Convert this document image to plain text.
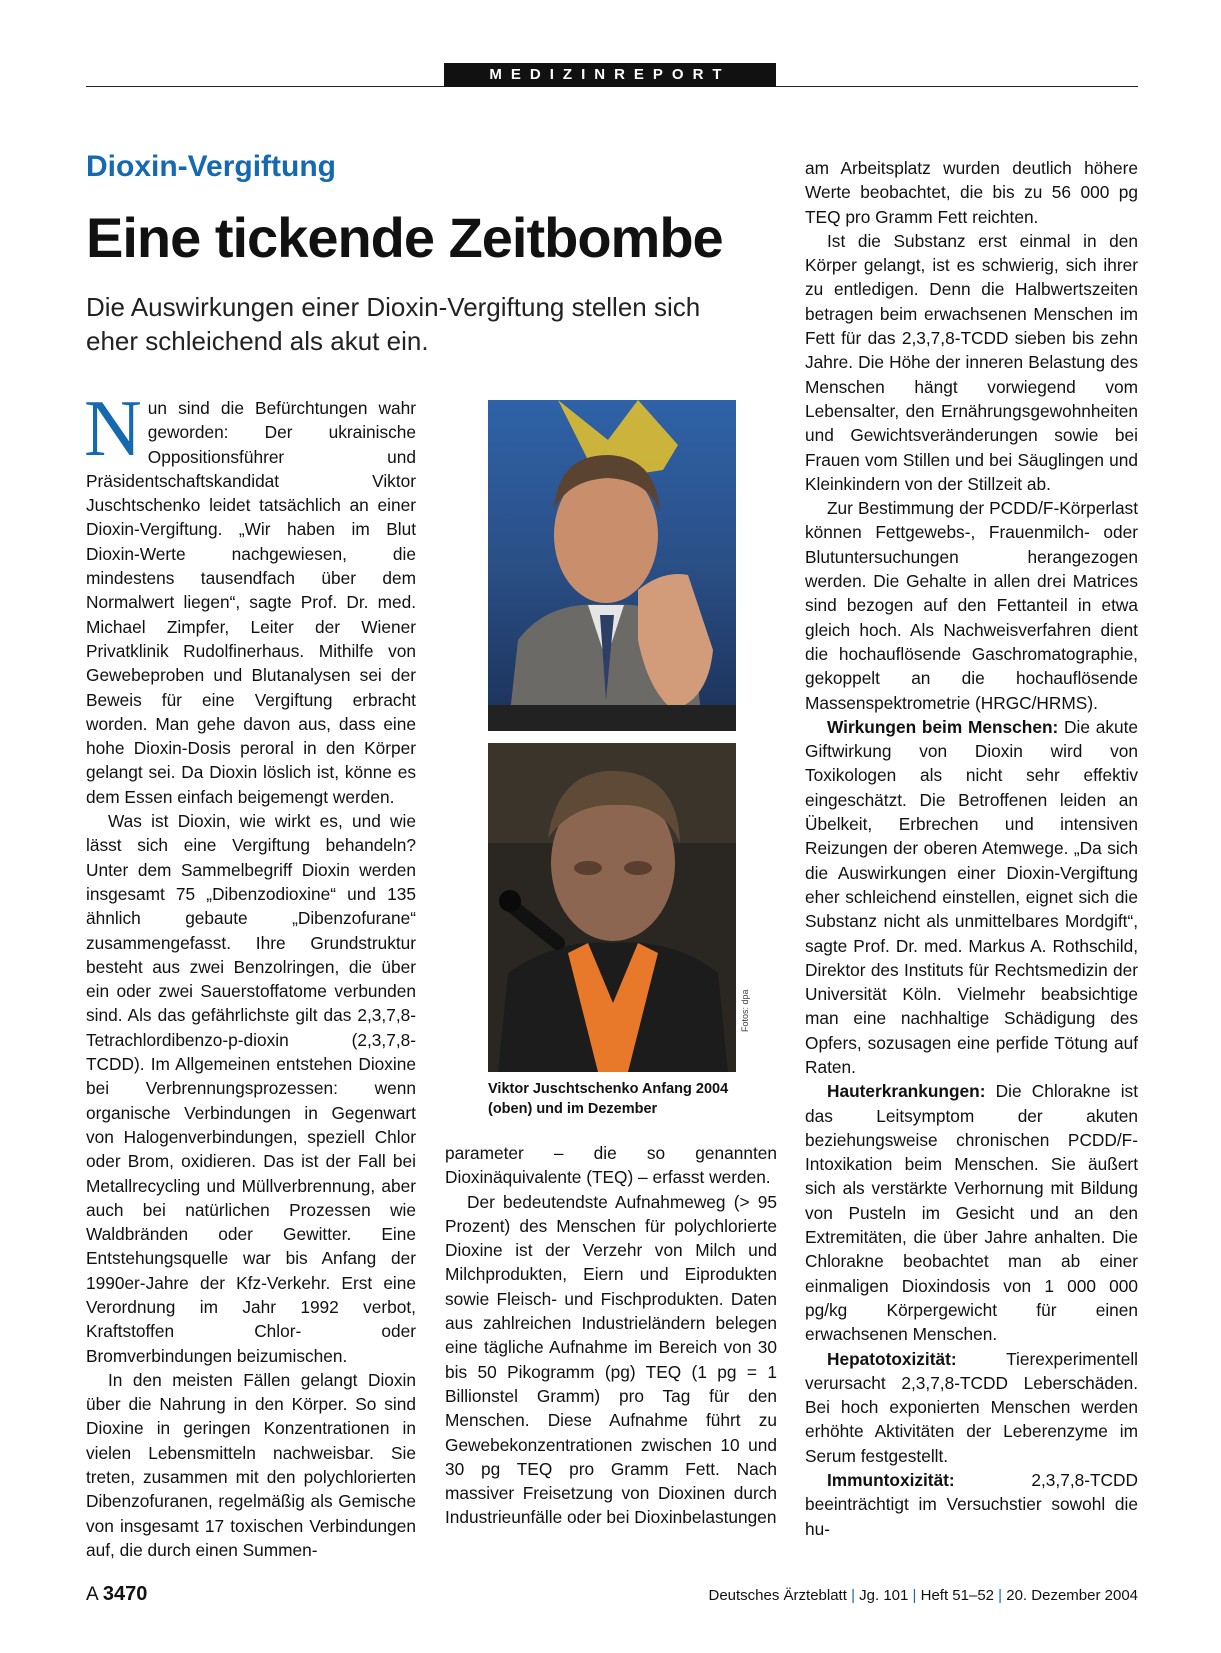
MEDIZINREPORT
Dioxin-Vergiftung
Eine tickende Zeitbombe
Die Auswirkungen einer Dioxin-Vergiftung stellen sich eher schleichend als akut ein.

Nun sind die Befürchtungen wahr geworden: Der ukrainische Oppositionsführer und Präsidentschaftskandidat Viktor Juschtschenko leidet tatsächlich an einer Dioxin-Vergiftung. „Wir haben im Blut Dioxin-Werte nachgewiesen, die mindestens tausendfach über dem Normalwert liegen“, sagte Prof. Dr. med. Michael Zimpfer, Leiter der Wiener Privatklinik Rudolfinerhaus. Mithilfe von Gewebeproben und Blutanalysen sei der Beweis für eine Vergiftung erbracht worden. Man gehe davon aus, dass eine hohe Dioxin-Dosis peroral in den Körper gelangt sei. Da Dioxin löslich ist, könne es dem Essen einfach beigemengt werden.

Was ist Dioxin, wie wirkt es, und wie lässt sich eine Vergiftung behandeln? Unter dem Sammelbegriff Dioxin werden insgesamt 75 „Dibenzodioxine“ und 135 ähnlich gebaute „Dibenzofurane“ zusammengefasst. Ihre Grundstruktur besteht aus zwei Benzolringen, die über ein oder zwei Sauerstoffatome verbunden sind. Als das gefährlichste gilt das 2,3,7,8-Tetrachlordibenzo-p-dioxin (2,3,7,8-TCDD). Im Allgemeinen entstehen Dioxine bei Verbrennungsprozessen: wenn organische Verbindungen in Gegenwart von Halogenverbindungen, speziell Chlor oder Brom, oxidieren. Das ist der Fall bei Metallrecycling und Müllverbrennung, aber auch bei natürlichen Prozessen wie Waldbränden oder Gewitter. Eine Entstehungsquelle war bis Anfang der 1990er-Jahre der Kfz-Verkehr. Erst eine Verordnung im Jahr 1992 verbot, Kraftstoffen Chlor- oder Bromverbindungen beizumischen.

In den meisten Fällen gelangt Dioxin über die Nahrung in den Körper. So sind Dioxine in geringen Konzentrationen in vielen Lebensmitteln nachweisbar. Sie treten, zusammen mit den polychlorierten Dibenzofuranen, regelmäßig als Gemische von insgesamt 17 toxischen Verbindungen auf, die durch einen Summen-

Fotos: dpa
Viktor Juschtschenko Anfang 2004 (oben) und im Dezember

parameter – die so genannten Dioxinäquivalente (TEQ) – erfasst werden.

Der bedeutendste Aufnahmeweg (> 95 Prozent) des Menschen für polychlorierte Dioxine ist der Verzehr von Milch und Milchprodukten, Eiern und Eiprodukten sowie Fleisch- und Fischprodukten. Daten aus zahlreichen Industrieländern belegen eine tägliche Aufnahme im Bereich von 30 bis 50 Pikogramm (pg) TEQ (1 pg = 1 Billionstel Gramm) pro Tag für den Menschen. Diese Aufnahme führt zu Gewebekonzentrationen zwischen 10 und 30 pg TEQ pro Gramm Fett. Nach massiver Freisetzung von Dioxinen durch Industrieunfälle oder bei Dioxinbelastungen

am Arbeitsplatz wurden deutlich höhere Werte beobachtet, die bis zu 56 000 pg TEQ pro Gramm Fett reichten.

Ist die Substanz erst einmal in den Körper gelangt, ist es schwierig, sich ihrer zu entledigen. Denn die Halbwertszeiten betragen beim erwachsenen Menschen im Fett für das 2,3,7,8-TCDD sieben bis zehn Jahre. Die Höhe der inneren Belastung des Menschen hängt vorwiegend vom Lebensalter, den Ernährungsgewohnheiten und Gewichtsveränderungen sowie bei Frauen vom Stillen und bei Säuglingen und Kleinkindern von der Stillzeit ab.

Zur Bestimmung der PCDD/F-Körperlast können Fettgewebs-, Frauenmilch- oder Blutuntersuchungen herangezogen werden. Die Gehalte in allen drei Matrices sind bezogen auf den Fettanteil in etwa gleich hoch. Als Nachweisverfahren dient die hochauflösende Gaschromatographie, gekoppelt an die hochauflösende Massenspektrometrie (HRGC/HRMS).

Wirkungen beim Menschen: Die akute Giftwirkung von Dioxin wird von Toxikologen als nicht sehr effektiv eingeschätzt. Die Betroffenen leiden an Übelkeit, Erbrechen und intensiven Reizungen der oberen Atemwege. „Da sich die Auswirkungen einer Dioxin-Vergiftung eher schleichend einstellen, eignet sich die Substanz nicht als unmittelbares Mordgift“, sagte Prof. Dr. med. Markus A. Rothschild, Direktor des Instituts für Rechtsmedizin der Universität Köln. Vielmehr beabsichtige man eine nachhaltige Schädigung des Opfers, sozusagen eine perfide Tötung auf Raten.

Hauterkrankungen: Die Chlorakne ist das Leitsymptom der akuten beziehungsweise chronischen PCDD/F-Intoxikation beim Menschen. Sie äußert sich als verstärkte Verhornung mit Bildung von Pusteln im Gesicht und an den Extremitäten, die über Jahre anhalten. Die Chlorakne beobachtet man ab einer einmaligen Dioxindosis von 1 000 000 pg/kg Körpergewicht für einen erwachsenen Menschen.

Hepatotoxizität: Tierexperimentell verursacht 2,3,7,8-TCDD Leberschäden. Bei hoch exponierten Menschen werden erhöhte Aktivitäten der Leberenzyme im Serum festgestellt.

Immuntoxizität: 2,3,7,8-TCDD beeinträchtigt im Versuchstier sowohl die hu-

A 3470	Deutsches Ärzteblatt | Jg. 101 | Heft 51–52 | 20. Dezember 2004
